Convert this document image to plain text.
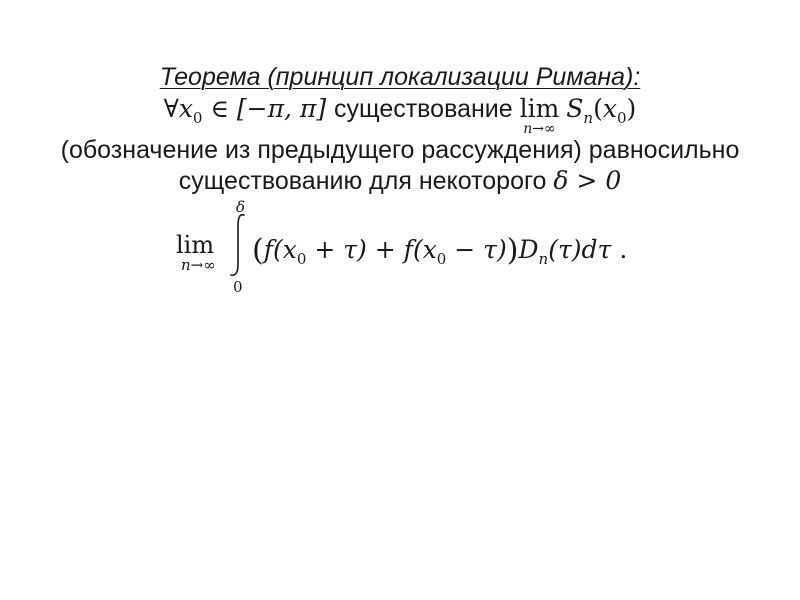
Теорема (принцип локализации Римана):
$\forall x_0$ ∈ [−π, π] существование lim
n→∞
$S_n(x_0)$
(обозначение из предыдущего рассуждения) равносильно
существованию для некоторого δ > 0
lim
n→∞
δ
0
$(f(x_0 + \tau) + f(x_0 - \tau))D_n(\tau)d\tau$ .
